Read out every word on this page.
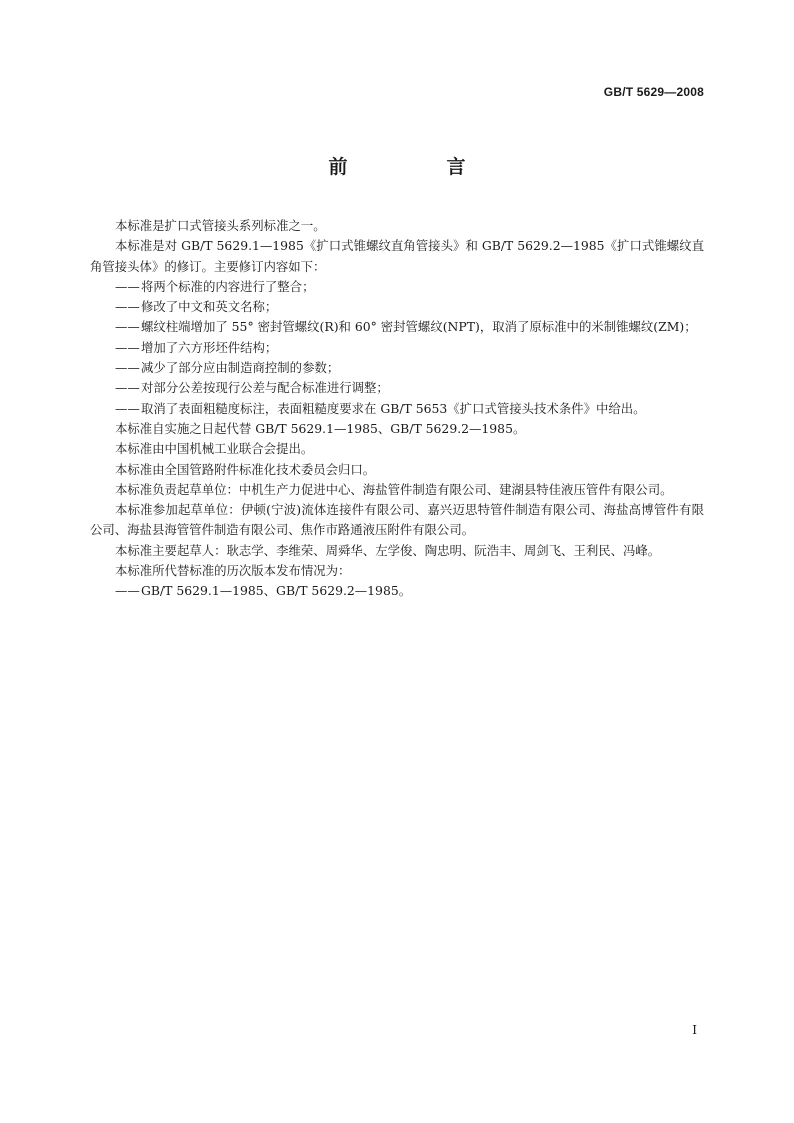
GB/T 5629—2008
前　言

本标准是扩口式管接头系列标准之一。

本标准是对 GB/T 5629.1—1985《扩口式锥螺纹直角管接头》和 GB/T 5629.2—1985《扩口式锥螺纹直角管接头体》的修订。主要修订内容如下：

—— 将两个标准的内容进行了整合；
—— 修改了中文和英文名称；
—— 螺纹柱端增加了 55° 密封管螺纹(R)和 60° 密封管螺纹(NPT)，取消了原标准中的米制锥螺纹(ZM)；
—— 增加了六方形坯件结构；
—— 减少了部分应由制造商控制的参数；
—— 对部分公差按现行公差与配合标准进行调整；
—— 取消了表面粗糙度标注，表面粗糙度要求在 GB/T 5653《扩口式管接头技术条件》中给出。

本标准自实施之日起代替 GB/T 5629.1—1985、GB/T 5629.2—1985。

本标准由中国机械工业联合会提出。

本标准由全国管路附件标准化技术委员会归口。

本标准负责起草单位：中机生产力促进中心、海盐管件制造有限公司、建湖县特佳液压管件有限公司。

本标准参加起草单位：伊顿(宁波)流体连接件有限公司、嘉兴迈思特管件制造有限公司、海盐高博管件有限公司、海盐县海管管件制造有限公司、焦作市路通液压附件有限公司。

本标准主要起草人：耿志学、李维荣、周舜华、左学俊、陶忠明、阮浩丰、周剑飞、王利民、冯峰。

本标准所代替标准的历次版本发布情况为：

—— GB/T 5629.1—1985、GB/T 5629.2—1985。
I
